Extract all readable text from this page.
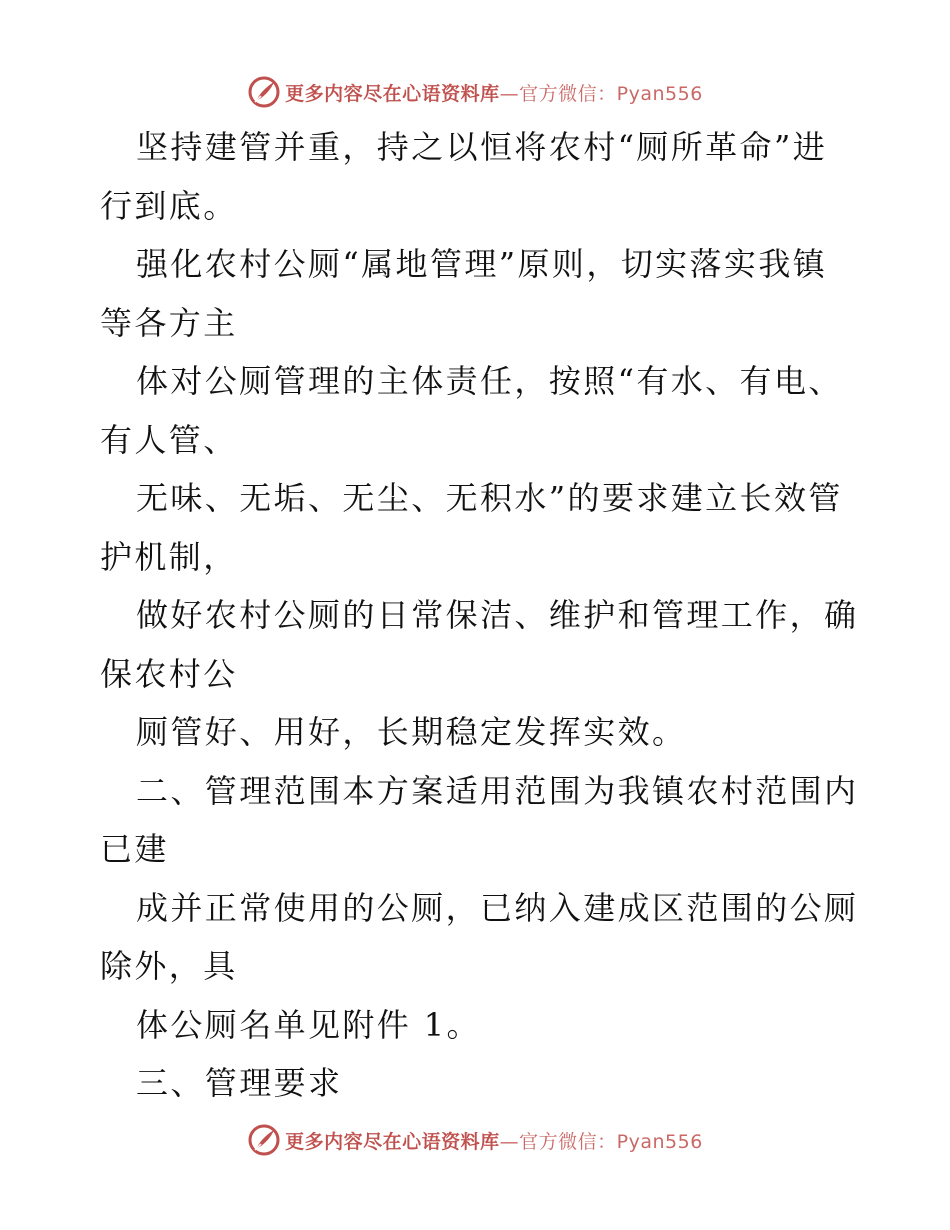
更多内容尽在心语资料库—官方微信：Pyan556
坚持建管并重，持之以恒将农村“厕所革命”进
行到底。
强化农村公厕“属地管理”原则，切实落实我镇
等各方主
体对公厕管理的主体责任，按照“有水、有电、
有人管、
无味、无垢、无尘、无积水”的要求建立长效管
护机制，
做好农村公厕的日常保洁、维护和管理工作，确
保农村公
厕管好、用好，长期稳定发挥实效。
二、管理范围本方案适用范围为我镇农村范围内
已建
成并正常使用的公厕，已纳入建成区范围的公厕
除外，具
体公厕名单见附件 1。
三、管理要求
更多内容尽在心语资料库—官方微信：Pyan556
